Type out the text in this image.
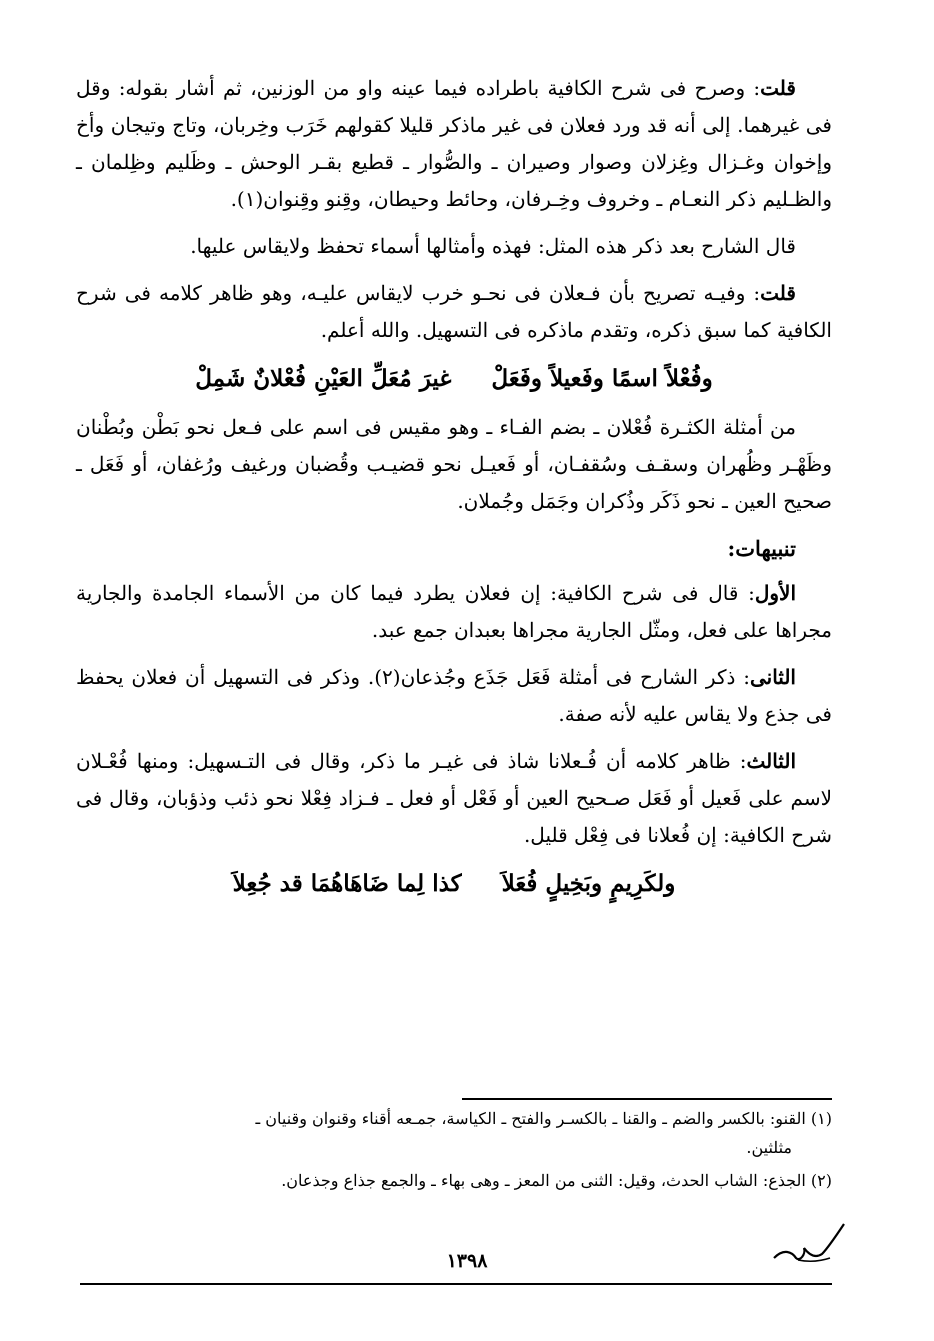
قلت: وصرح فى شرح الكافية باطراده فيما عينه واو من الوزنين، ثم أشار بقوله: وقل فى غيرهما. إلى أنه قد ورد فعلان فى غير ماذكر قليلا كقولهم خَرَب وخِربان، وتاج وتيجان وأخ وإخوان وغـزال وغِزلان وصوار وصيران ـ والصُّوار ـ قطيع بقـر الوحش ـ وظَليم وظِلمان ـ والظـليم ذكر النعـام ـ وخروف وخِـرفان، وحائط وحيطان، وقِنو وقِنوان(١).

قال الشارح بعد ذكر هذه المثل: فهذه وأمثالها أسماء تحفظ ولايقاس عليها.

قلت: وفيـه تصريح بأن فـعلان فى نحـو خرب لايقاس عليـه، وهو ظاهر كلامه فى شرح الكافية كما سبق ذكره، وتقدم ماذكره فى التسهيل. والله أعلم.

وفُعْلاً اسمًا وفَعيلاً وفَعَلْ
غيرَ مُعَلِّ العَيْنِ فُعْلانٌ شَمِلْ

من أمثلة الكثـرة فُعْلان ـ بضم الفـاء ـ وهو مقيس فى اسم على فـعل نحو بَطْن وبُطْنان وظَهْـر وظُهران وسقـف وسُقفـان، أو فَعيـل نحو قضيـب وقُضبان ورغيف ورُغفان، أو فَعَل ـ صحيح العين ـ نحو ذَكَر وذُكران وجَمَل وجُملان.

تنبيهات:

الأول: قال فى شرح الكافية: إن فعلان يطرد فيما كان من الأسماء الجامدة والجارية مجراها على فعل، ومثّل الجارية مجراها بعبدان جمع عبد.

الثانى: ذكر الشارح فى أمثلة فَعَل جَذَع وجُذعان(٢). وذكر فى التسهيل أن فعلان يحفظ فى جذع ولا يقاس عليه لأنه صفة.

الثالث: ظاهر كلامه أن فُـعلانا شاذ فى غيـر ما ذكر، وقال فى التـسهيل: ومنها فُعْـلان لاسم على فَعيل أو فَعَل صـحيح العين أو فَعْل أو فعل ـ فـزاد فِعْلا نحو ذئب وذؤبان، وقال فى شرح الكافية: إن فُعلانا فى فِعْل قليل.

ولكَرِيمٍ وبَخِيلٍ فُعَلاَ
كذا لِما ضَاهَاهُمَا قد جُعِلاَ

(١) القنو: بالكسر والضم ـ والقنا ـ بالكسـر والفتح ـ الكياسة، جمـعه أقناء وقنوان وقنيان ـ
مثلثين.

(٢) الجذع: الشاب الحدث، وقيل: الثنى من المعز ـ وهى بهاء ـ والجمع جذاع وجذعان.

١٣٩٨
